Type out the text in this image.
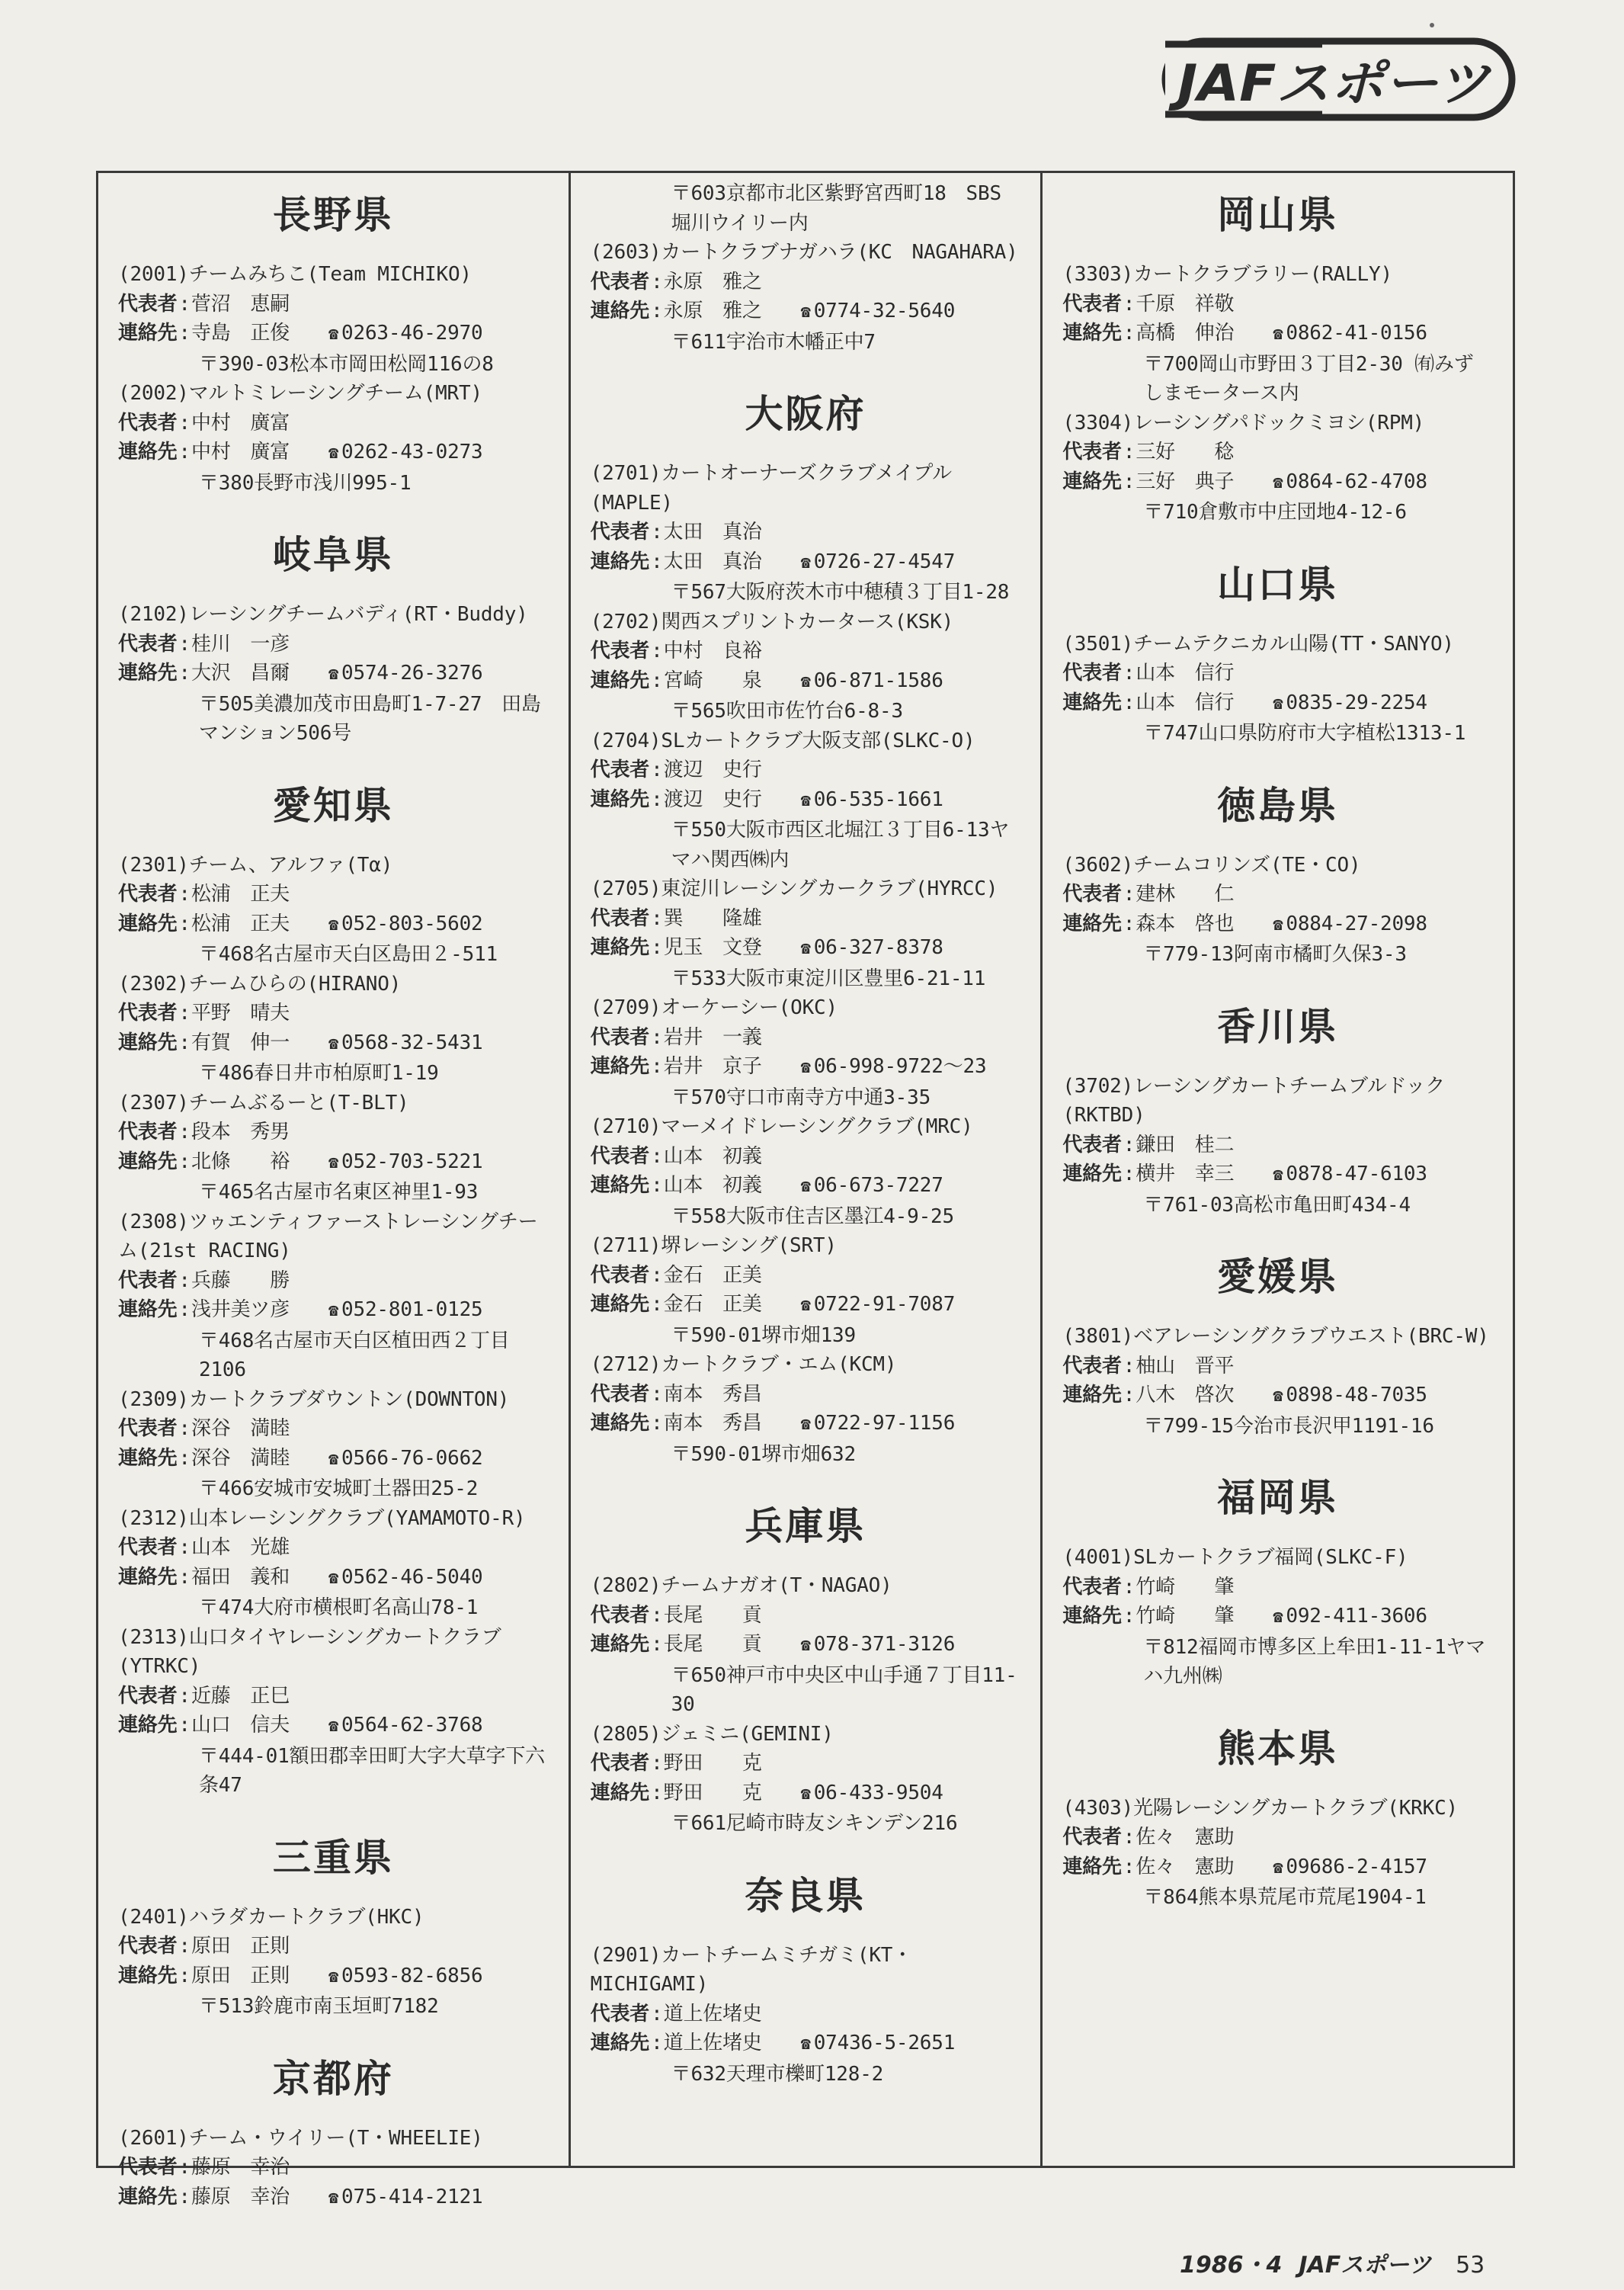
JAFスポーツ
長野県
(2001)チームみちこ(Team MICHIKO)
代表者 : 菅沼　恵嗣
連絡先 : 寺島　正俊	☎ 0263-46-2970
〒390-03松本市岡田松岡116の8
(2002)マルトミレーシングチーム(MRT)
代表者 : 中村　廣富
連絡先 : 中村　廣富	☎ 0262-43-0273
〒380長野市浅川995-1
岐阜県
(2102)レーシングチームバディ(RT・Buddy)
代表者 : 桂川　一彦
連絡先 : 大沢　昌爾	☎ 0574-26-3276
〒505美濃加茂市田島町1-7-27　田島マンション506号
愛知県
(2301)チーム、アルファ(Tα)
代表者 : 松浦　正夫
連絡先 : 松浦　正夫	☎ 052-803-5602
〒468名古屋市天白区島田２-511
(2302)チームひらの(HIRANO)
代表者 : 平野　晴夫
連絡先 : 有賀　伸一	☎ 0568-32-5431
〒486春日井市柏原町1-19
(2307)チームぶるーと(T-BLT)
代表者 : 段本　秀男
連絡先 : 北條　　裕	☎ 052-703-5221
〒465名古屋市名東区神里1-93
(2308)ツゥエンティファーストレーシングチーム(21st RACING)
代表者 : 兵藤　　勝
連絡先 : 浅井美ツ彦	☎ 052-801-0125
〒468名古屋市天白区植田西２丁目2106
(2309)カートクラブダウントン(DOWNTON)
代表者 : 深谷　満睦
連絡先 : 深谷　満睦	☎ 0566-76-0662
〒466安城市安城町土器田25-2
(2312)山本レーシングクラブ(YAMAMOTO-R)
代表者 : 山本　光雄
連絡先 : 福田　義和	☎ 0562-46-5040
〒474大府市横根町名高山78-1
(2313)山口タイヤレーシングカートクラブ(YTRKC)
代表者 : 近藤　正巳
連絡先 : 山口　信夫	☎ 0564-62-3768
〒444-01額田郡幸田町大字大草字下六条47
三重県
(2401)ハラダカートクラブ(HKC)
代表者 : 原田　正則
連絡先 : 原田　正則	☎ 0593-82-6856
〒513鈴鹿市南玉垣町7182
京都府
(2601)チーム・ウイリー(T・WHEELIE)
代表者 : 藤原　幸治
連絡先 : 藤原　幸治	☎ 075-414-2121
〒603京都市北区紫野宮西町18　SBS堀川ウイリー内
(2603)カートクラブナガハラ(KC　NAGAHARA)
代表者 : 永原　雅之
連絡先 : 永原　雅之	☎ 0774-32-5640
〒611宇治市木幡正中7
大阪府
(2701)カートオーナーズクラブメイプル(MAPLE)
代表者 : 太田　真治
連絡先 : 太田　真治	☎ 0726-27-4547
〒567大阪府茨木市中穂積３丁目1-28
(2702)関西スプリントカータース(KSK)
代表者 : 中村　良裕
連絡先 : 宮崎　　泉	☎ 06-871-1586
〒565吹田市佐竹台6-8-3
(2704)SLカートクラブ大阪支部(SLKC-O)
代表者 : 渡辺　史行
連絡先 : 渡辺　史行	☎ 06-535-1661
〒550大阪市西区北堀江３丁目6-13ヤマハ関西㈱内
(2705)東淀川レーシングカークラブ(HYRCC)
代表者 : 巽　　隆雄
連絡先 : 児玉　文登	☎ 06-327-8378
〒533大阪市東淀川区豊里6-21-11
(2709)オーケーシー(OKC)
代表者 : 岩井　一義
連絡先 : 岩井　京子	☎ 06-998-9722～23
〒570守口市南寺方中通3-35
(2710)マーメイドレーシングクラブ(MRC)
代表者 : 山本　初義
連絡先 : 山本　初義	☎ 06-673-7227
〒558大阪市住吉区墨江4-9-25
(2711)堺レーシング(SRT)
代表者 : 金石　正美
連絡先 : 金石　正美	☎ 0722-91-7087
〒590-01堺市畑139
(2712)カートクラブ・エム(KCM)
代表者 : 南本　秀昌
連絡先 : 南本　秀昌	☎ 0722-97-1156
〒590-01堺市畑632
兵庫県
(2802)チームナガオ(T・NAGAO)
代表者 : 長尾　　貢
連絡先 : 長尾　　貢	☎ 078-371-3126
〒650神戸市中央区中山手通７丁目11-30
(2805)ジェミニ(GEMINI)
代表者 : 野田　　克
連絡先 : 野田　　克	☎ 06-433-9504
〒661尼崎市時友シキンデン216
奈良県
(2901)カートチームミチガミ(KT・MICHIGAMI)
代表者 : 道上佐堵史
連絡先 : 道上佐堵史	☎ 07436-5-2651
〒632天理市櫟町128-2
岡山県
(3303)カートクラブラリー(RALLY)
代表者 : 千原　祥敬
連絡先 : 高橋　伸治	☎ 0862-41-0156
〒700岡山市野田３丁目2-30 ㈲みずしまモータース内
(3304)レーシングパドックミヨシ(RPM)
代表者 : 三好　　稔
連絡先 : 三好　典子	☎ 0864-62-4708
〒710倉敷市中庄団地4-12-6
山口県
(3501)チームテクニカル山陽(TT・SANYO)
代表者 : 山本　信行
連絡先 : 山本　信行	☎ 0835-29-2254
〒747山口県防府市大字植松1313-1
徳島県
(3602)チームコリンズ(TE・CO)
代表者 : 建林　　仁
連絡先 : 森本　啓也	☎ 0884-27-2098
〒779-13阿南市橘町久保3-3
香川県
(3702)レーシングカートチームブルドック(RKTBD)
代表者 : 鎌田　桂二
連絡先 : 横井　幸三	☎ 0878-47-6103
〒761-03高松市亀田町434-4
愛媛県
(3801)ベアレーシングクラブウエスト(BRC-W)
代表者 : 柚山　晋平
連絡先 : 八木　啓次	☎ 0898-48-7035
〒799-15今治市長沢甲1191-16
福岡県
(4001)SLカートクラブ福岡(SLKC-F)
代表者 : 竹崎　　肇
連絡先 : 竹崎　　肇	☎ 092-411-3606
〒812福岡市博多区上牟田1-11-1ヤマハ九州㈱
熊本県
(4303)光陽レーシングカートクラブ(KRKC)
代表者 : 佐々　憲助
連絡先 : 佐々　憲助	☎ 09686-2-4157
〒864熊本県荒尾市荒尾1904-1
1986・4 JAFスポーツ 53
